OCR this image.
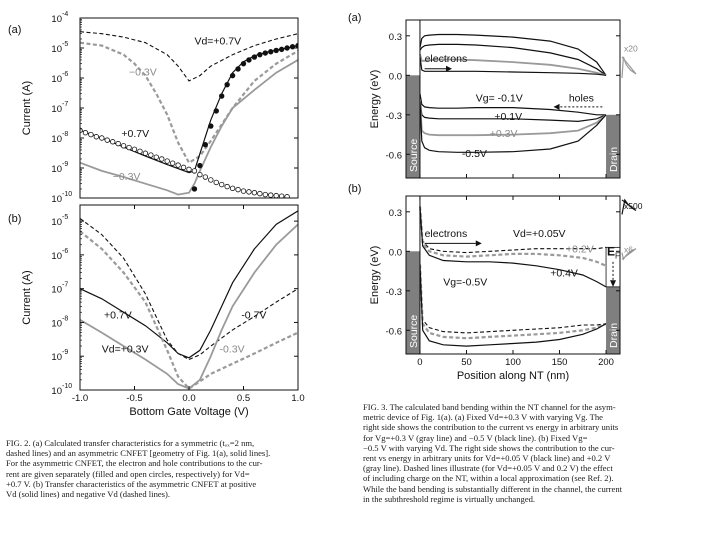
10 -10
10 -9
10 -8
10 -7
10 -6
10 -5
10 -4
Current (A)
(a)
Vd=+0.7V
−0.3V
+0.7V
−0.3V
10 -10
10 -9
10 -8
10 -7
10 -6
10 -5
-1.0	-0.5	0.0	0.5	1.0
Current (A)
Bottom Gate Voltage (V)
(b)
+0.7V	-0.7V
Vd=+0.3V	-0.3V
Source	Drain
-0.6
-0.3
0.0
0.3
Energy (eV)
(a)
electrons
holes
Vg= -0.1V
+0.1V
+0.3V
-0.5V
x20
Source	Drain
E F
-0.6
-0.3
0.0
0.3
0	50	100	150	200
Energy (eV)
Position along NT (nm)
(b)
electrons	Vd=+0.05V
+0.2V
+0.4V
Vg=-0.5V
x500
x6
FIG. 2. (a) Calculated transfer characteristics for a symmetric (tₒₓ=2 nm,
dashed lines) and an asymmetric CNFET [geometry of Fig. 1(a), solid lines].
For the asymmetric CNFET, the electron and hole contributions to the cur-
rent are given separately (filled and open circles, respectively) for Vd=
+0.7 V. (b) Transfer characteristics of the asymmetric CNFET at positive
Vd (solid lines) and negative Vd (dashed lines).
FIG. 3. The calculated band bending within the NT channel for the asym-
metric device of Fig. 1(a). (a) Fixed Vd=+0.3 V with varying Vg. The
right side shows the contribution to the current vs energy in arbitrary units
for Vg=+0.3 V (gray line) and −0.5 V (black line). (b) Fixed Vg=
−0.5 V with varying Vd. The right side shows the contribution to the cur-
rent vs energy in arbitrary units for Vd=+0.05 V (black line) and +0.2 V
(gray line). Dashed lines illustrate (for Vd=+0.05 V and 0.2 V) the effect
of including charge on the NT, within a local approximation (see Ref. 2).
While the band bending is substantially different in the channel, the current
in the subthreshold regime is virtually unchanged.
